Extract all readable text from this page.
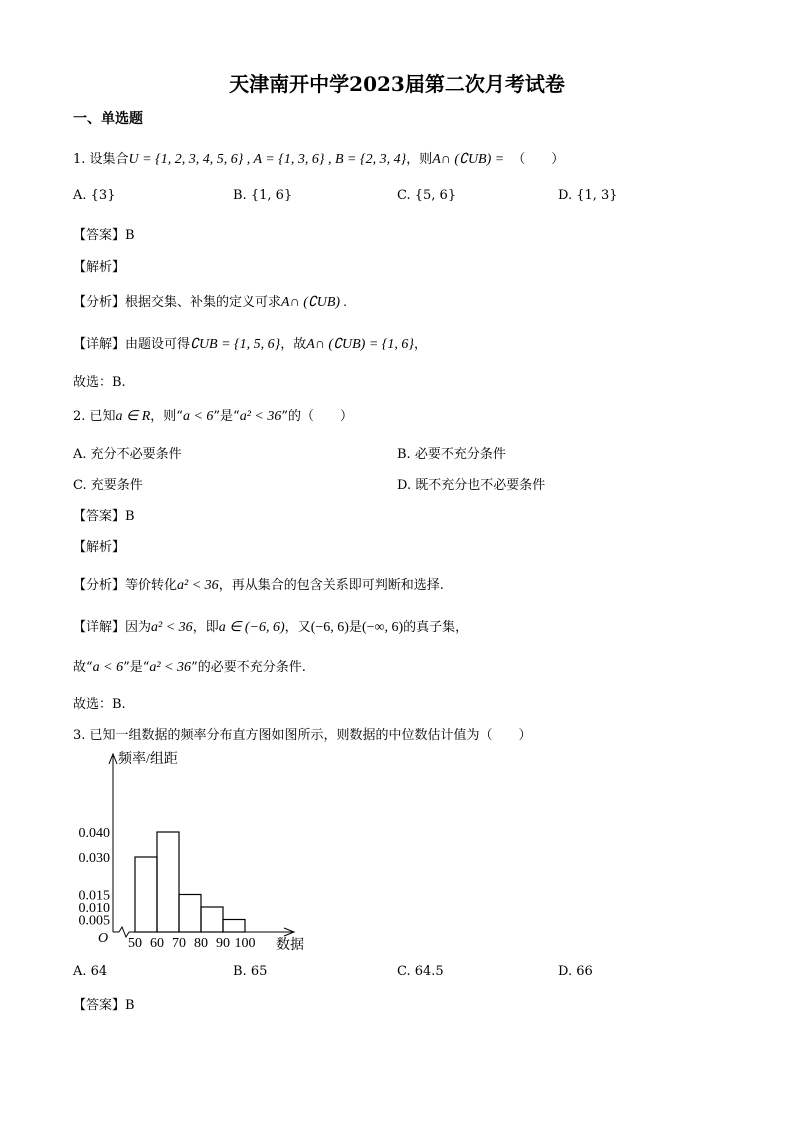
天津南开中学2023届第二次月考试卷
一、单选题
1. 设集合U = {1, 2, 3, 4, 5, 6} , A = {1, 3, 6} , B = {2, 3, 4}，则A∩ (∁UB) = （　　）
A. {3}	B. {1, 6}	C. {5, 6}	D. {1, 3}
【答案】B
【解析】
【分析】根据交集、补集的定义可求A∩ (∁UB) .
【详解】由题设可得∁UB = {1, 5, 6}，故A∩ (∁UB) = {1, 6}，
故选：B.
2. 已知a ∈ R，则“a < 6”是“a² < 36”的（　　）
A. 充分不必要条件	B. 必要不充分条件
C. 充要条件	D. 既不充分也不必要条件
【答案】B
【解析】
【分析】等价转化a² < 36，再从集合的包含关系即可判断和选择.
【详解】因为a² < 36，即a ∈ (−6, 6)，又(−6, 6)是(−∞, 6)的真子集，
故“a < 6”是“a² < 36”的必要不充分条件.
故选：B.
3. 已知一组数据的频率分布直方图如图所示，则数据的中位数估计值为（　　）
频率/组距
数据
O
0.040
0.030
0.015
0.010
0.005
50 60 70 80 90 100
A. 64	B. 65	C. 64.5	D. 66
【答案】B
